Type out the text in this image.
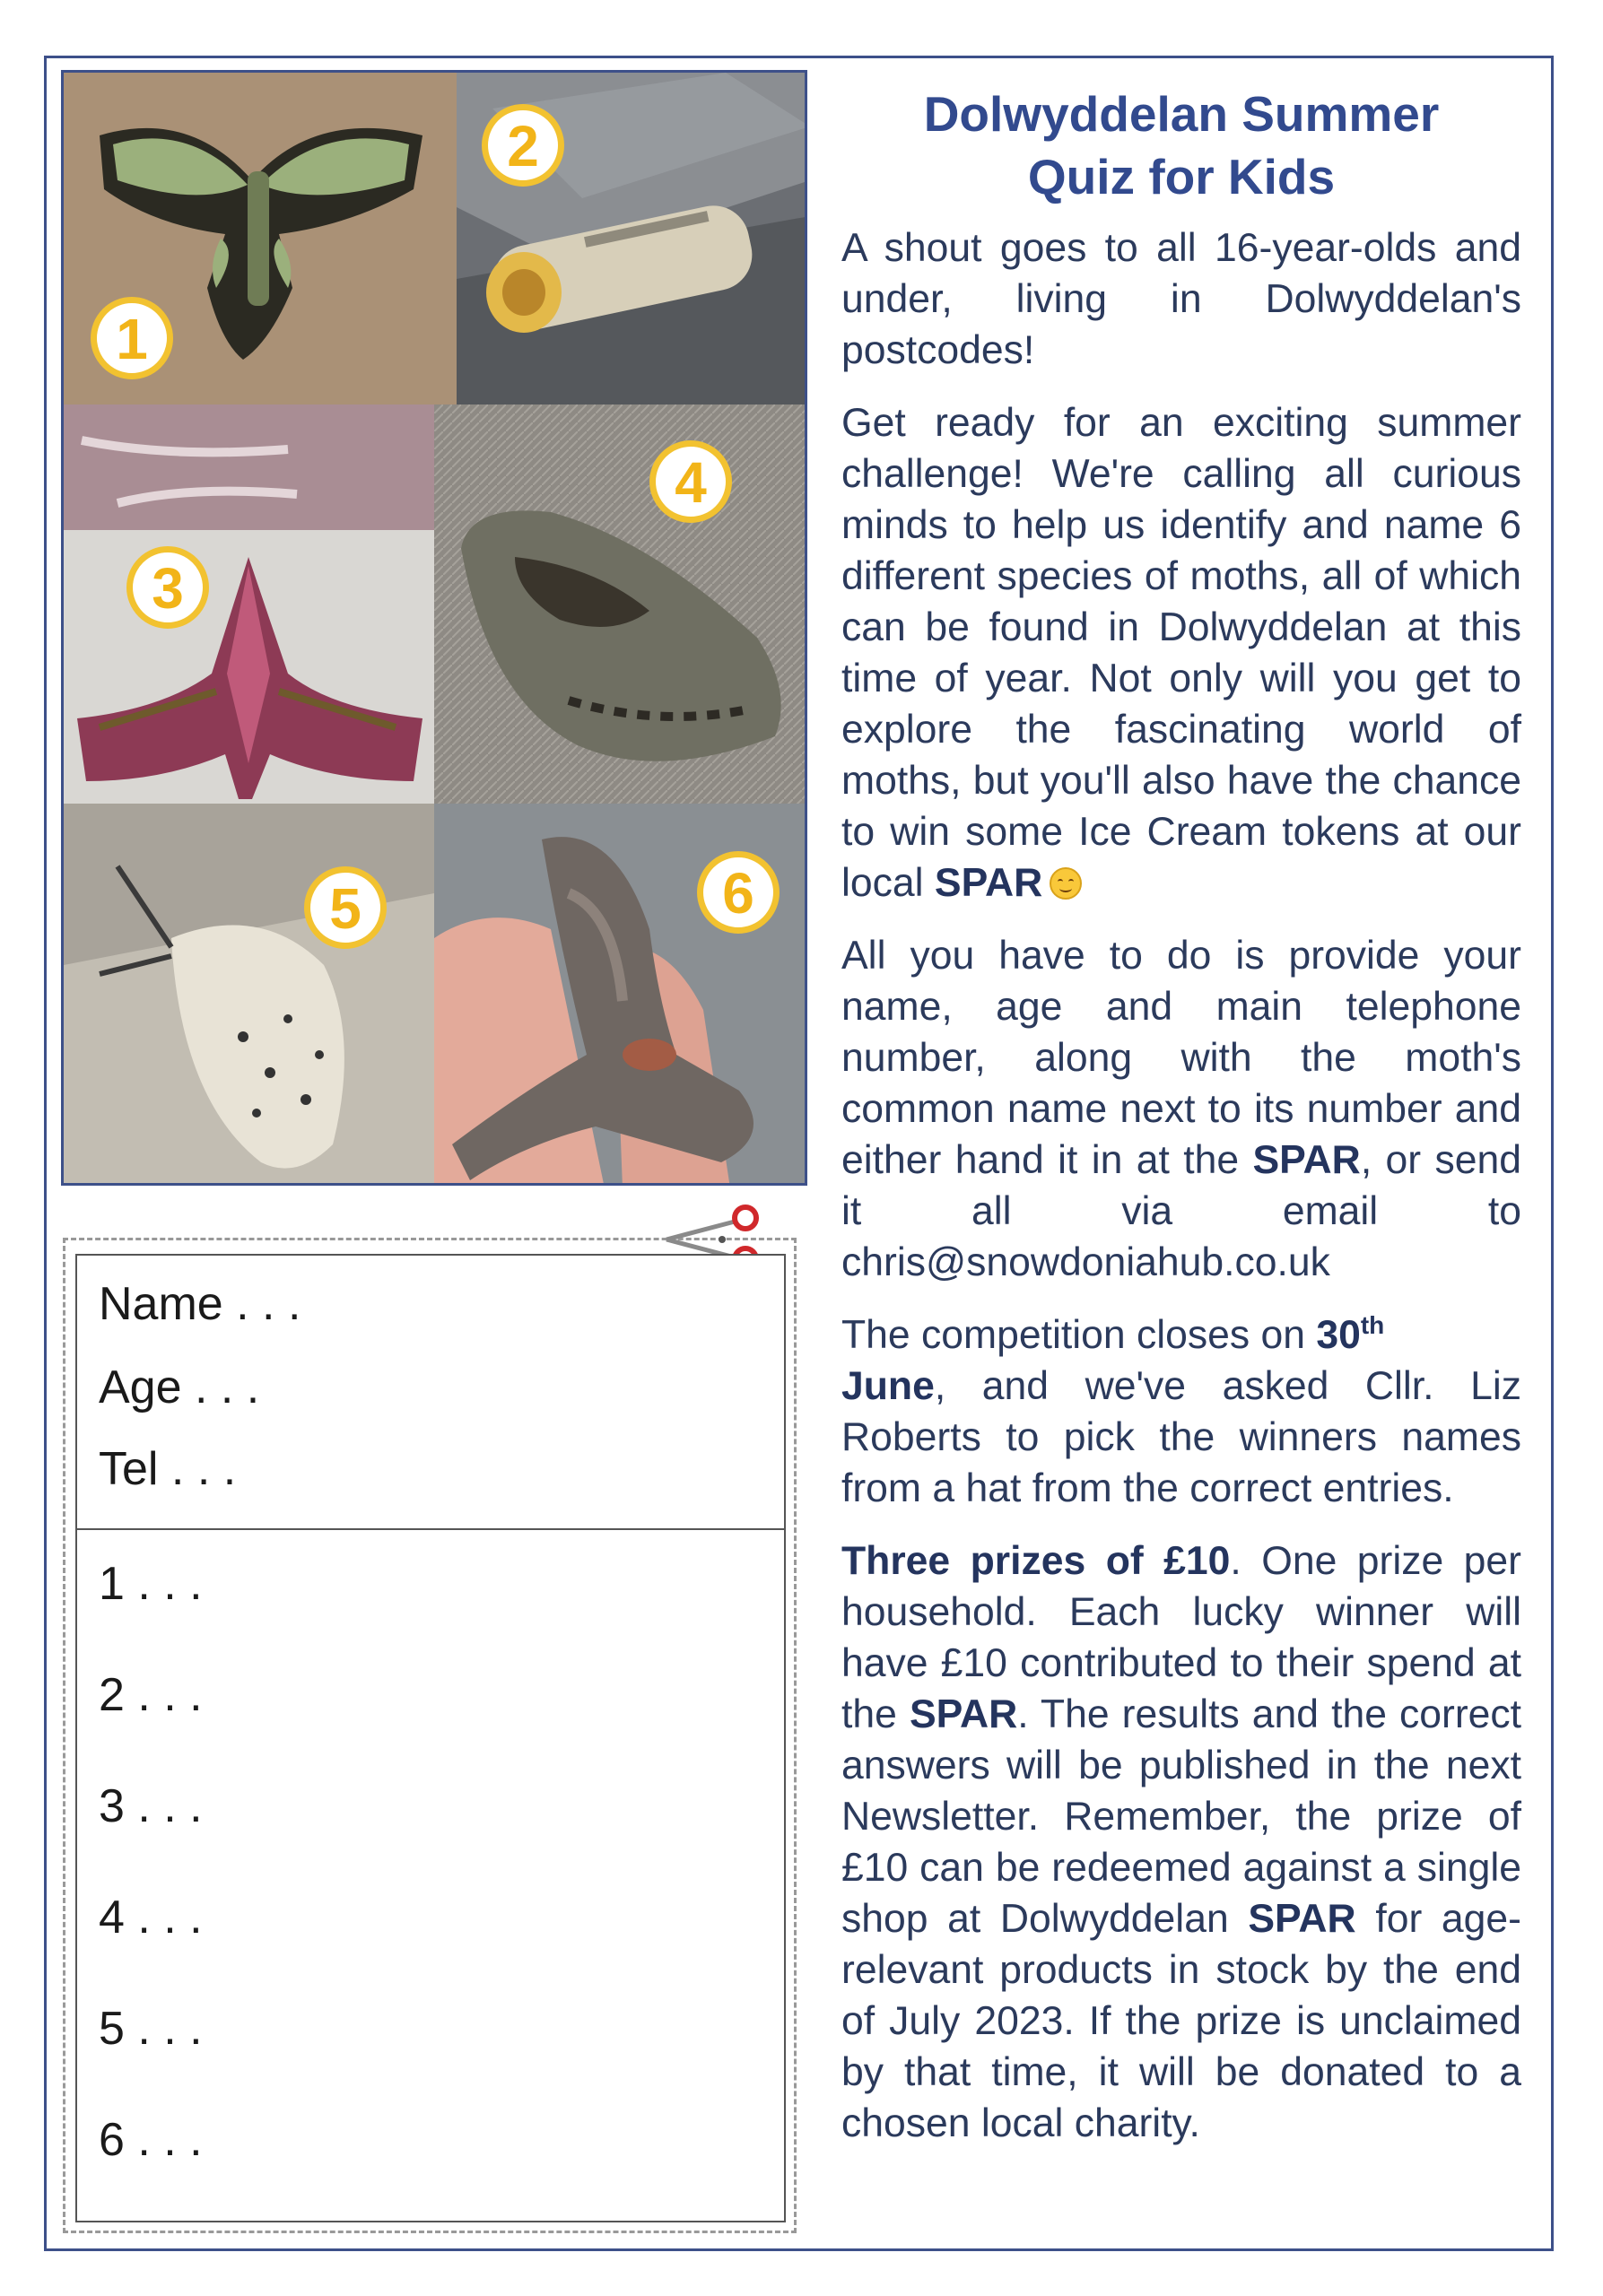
1
2
3
4
5	6
Name . . .
Age . . .
Tel . . .
1 . . .
2 . . .
3 . . .
4 . . .
5 . . .
6 . . .
Dolwyddelan Summer
Quiz for Kids

A shout goes to all 16-year-olds and under, living in Dolwyddelan's postcodes!

Get ready for an exciting summer challenge! We're calling all curious minds to help us identify and name 6 different species of moths, all of which can be found in Dolwyddelan at this time of year. Not only will you get to explore the fascinating world of moths, but you'll also have the chance to win some Ice Cream tokens at our local SPAR

All you have to do is provide your name, age and main telephone number, along with the moth's common name next to its number and either hand it in at the SPAR, or send it all via email to chris@snowdoniahub.co.uk

The competition closes on 30th
June, and we've asked Cllr. Liz Roberts to pick the winners names from a hat from the correct entries.

Three prizes of £10. One prize per household. Each lucky winner will have £10 contributed to their spend at the SPAR. The results and the correct answers will be published in the next Newsletter. Remember, the prize of £10 can be redeemed against a single shop at Dolwyddelan SPAR for age-relevant products in stock by the end of July 2023. If the prize is unclaimed by that time, it will be donated to a chosen local charity.
